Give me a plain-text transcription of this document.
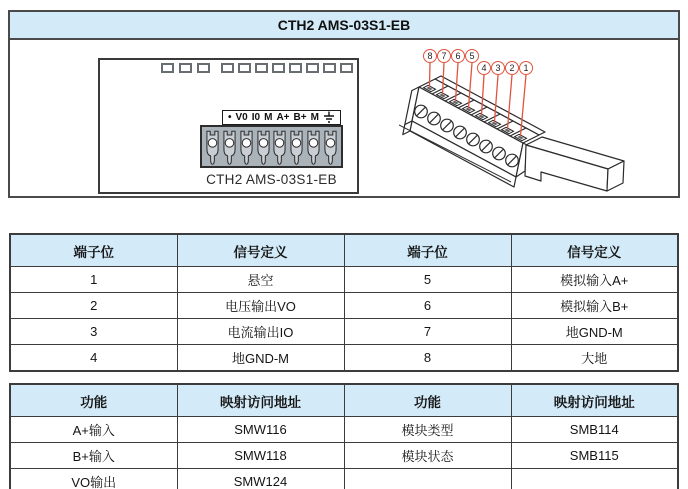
CTH2 AMS-03S1-EB
• V0 I0 M A+ B+ M
CTH2 AMS-03S1-EB
8 7 6 5
4 3 2 1
端子位	信号定义	端子位	信号定义
1	悬空	5	模拟输入A+
2	电压输出VO	6	模拟输入B+
3	电流输出IO	7	地GND-M
4	地GND-M	8	大地
功能	映射访问地址	功能	映射访问地址
A+输入	SMW116	模块类型	SMB114
B+输入	SMW118	模块状态	SMB115
VO输出	SMW124		
